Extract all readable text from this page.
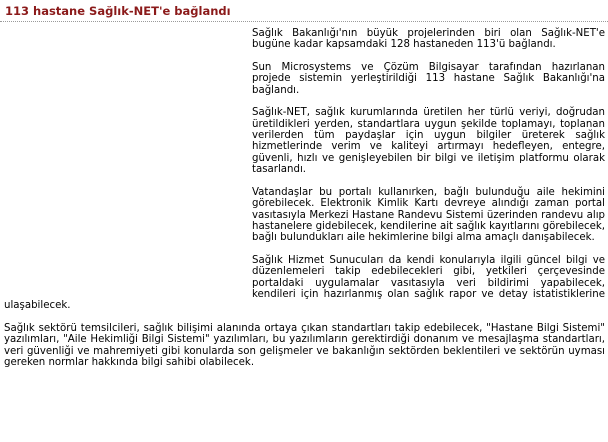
113 hastane Sağlık-NET'e bağlandı

Sağlık Bakanlığı'nın büyük projelerinden biri olan Sağlık-NET'e bugüne kadar kapsamdaki 128 hastaneden 113'ü bağlandı.

Sun Microsystems ve Çözüm Bilgisayar tarafından hazırlanan projede sistemin yerleştirildiği 113 hastane Sağlık Bakanlığı'na bağlandı.

Sağlık-NET, sağlık kurumlarında üretilen her türlü veriyi, doğrudan üretildikleri yerden, standartlara uygun şekilde toplamayı, toplanan verilerden tüm paydaşlar için uygun bilgiler üreterek sağlık hizmetlerinde verim ve kaliteyi artırmayı hedefleyen, entegre, güvenli, hızlı ve genişleyebilen bir bilgi ve iletişim platformu olarak tasarlandı.

Vatandaşlar bu portalı kullanırken, bağlı bulunduğu aile hekimini görebilecek. Elektronik Kimlik Kartı devreye alındığı zaman portal vasıtasıyla Merkezi Hastane Randevu Sistemi üzerinden randevu alıp hastanelere gidebilecek, kendilerine ait sağlık kayıtlarını görebilecek, bağlı bulundukları aile hekimlerine bilgi alma amaçlı danışabilecek.

Sağlık Hizmet Sunucuları da kendi konularıyla ilgili güncel bilgi ve düzenlemeleri takip edebilecekleri gibi, yetkileri çerçevesinde portaldaki uygulamalar vasıtasıyla veri bildirimi yapabilecek, kendileri için hazırlanmış olan sağlık rapor ve detay istatistiklerine ulaşabilecek.

Sağlık sektörü temsilcileri, sağlık bilişimi alanında ortaya çıkan standartları takip edebilecek, "Hastane Bilgi Sistemi" yazılımları, "Aile Hekimliği Bilgi Sistemi" yazılımları, bu yazılımların gerektirdiği donanım ve mesajlaşma standartları, veri güvenliği ve mahremiyeti gibi konularda son gelişmeler ve bakanlığın sektörden beklentileri ve sektörün uyması gereken normlar hakkında bilgi sahibi olabilecek.
